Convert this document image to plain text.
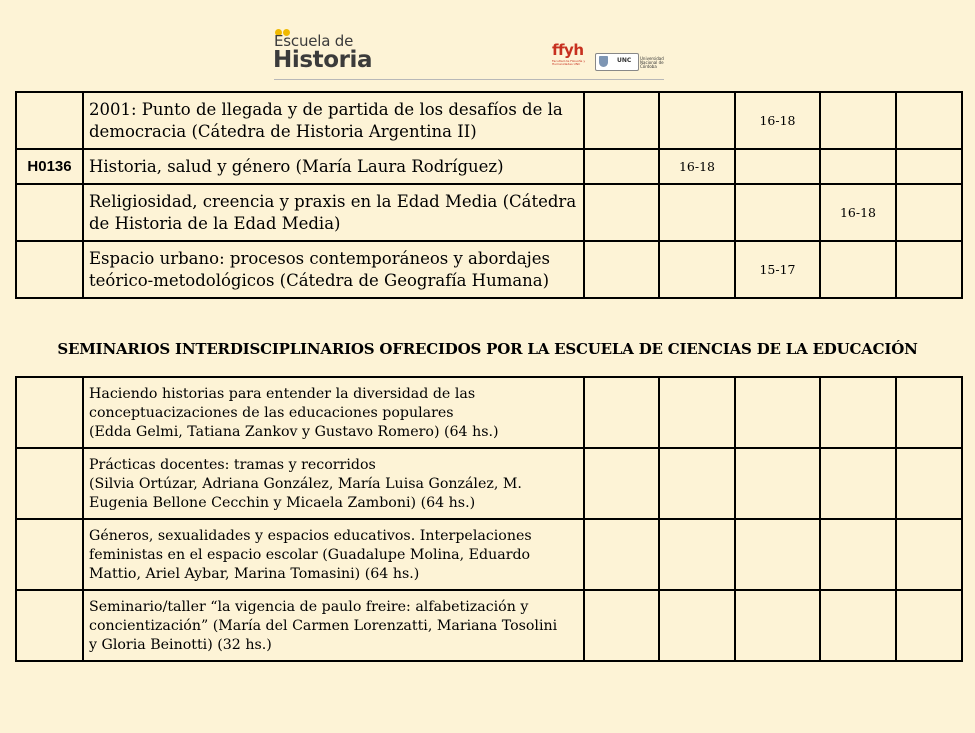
Escuela de
Historia	ffyh
Facultad de Filosofía y Humanidades UNC	UNC Universidad Nacional de Córdoba
	2001: Punto de llegada y de partida de los desafíos de la democracia (Cátedra de Historia Argentina II)			16-18		
H0136	Historia, salud y género (María Laura Rodríguez)		16-18			
	Religiosidad, creencia y praxis en la Edad Media (Cátedra de Historia de la Edad Media)				16-18	
	Espacio urbano: procesos contemporáneos y abordajes teórico-metodológicos (Cátedra de Geografía Humana)			15-17		
SEMINARIOS INTERDISCIPLINARIOS OFRECIDOS POR LA ESCUELA DE CIENCIAS DE LA EDUCACIÓN

	Haciendo historias para entender la diversidad de las
conceptuacizaciones de las educaciones populares
(Edda Gelmi, Tatiana Zankov y Gustavo Romero) (64 hs.)					

	Prácticas docentes: tramas y recorridos
(Silvia Ortúzar, Adriana González, María Luisa González, M.
Eugenia Bellone Cecchin y Micaela Zamboni) (64 hs.)					

	Géneros, sexualidades y espacios educativos. Interpelaciones
feministas en el espacio escolar (Guadalupe Molina, Eduardo
Mattio, Ariel Aybar, Marina Tomasini) (64 hs.)					

	Seminario/taller “la vigencia de paulo freire: alfabetización y
concientización” (María del Carmen Lorenzatti, Mariana Tosolini
y Gloria Beinotti) (32 hs.)					
